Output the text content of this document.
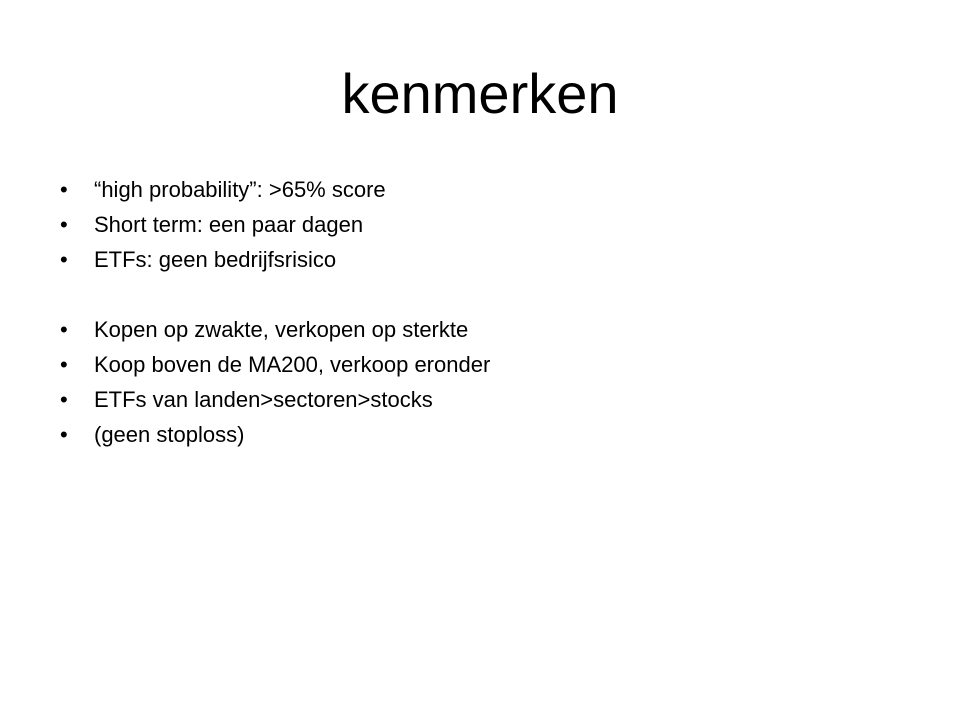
kenmerken
•	“high probability”: >65% score
•	Short term: een paar dagen
•	ETFs: geen bedrijfsrisico
•	Kopen op zwakte, verkopen op sterkte
•	Koop boven de MA200, verkoop eronder
•	ETFs van landen>sectoren>stocks
•	(geen stoploss)
